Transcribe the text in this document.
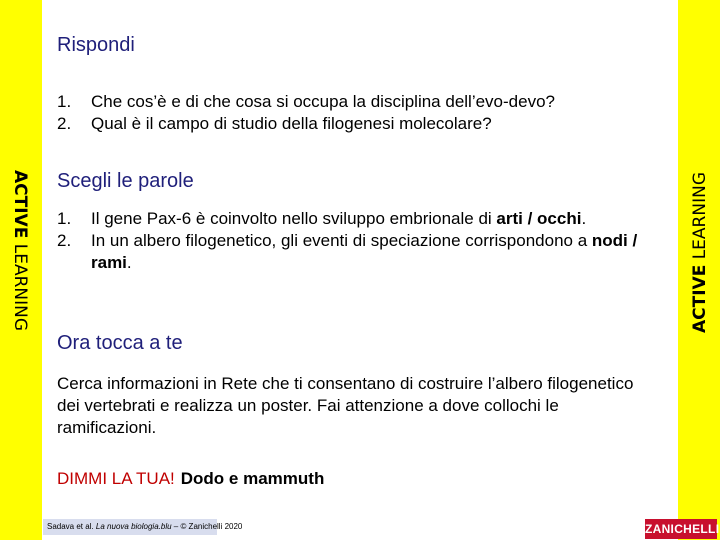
ACTIVE LEARNING	ACTIVE LEARNING
Rispondi
1. Che cos’è e di che cosa si occupa la disciplina dell’evo-devo?
2. Qual è il campo di studio della filogenesi molecolare?
Scegli le parole
1. Il gene Pax-6 è coinvolto nello sviluppo embrionale di arti / occhi.
2. In un albero filogenetico, gli eventi di speciazione corrispondono a nodi / rami.
Ora tocca a te

Cerca informazioni in Rete che ti consentano di costruire l’albero filogenetico dei vertebrati e realizza un poster. Fai attenzione a dove collochi le ramificazioni.

DIMMI LA TUA! Dodo e mammuth
Sadava et al. La nuova biologia.blu – © Zanichelli 2020	ZANICHELLI
